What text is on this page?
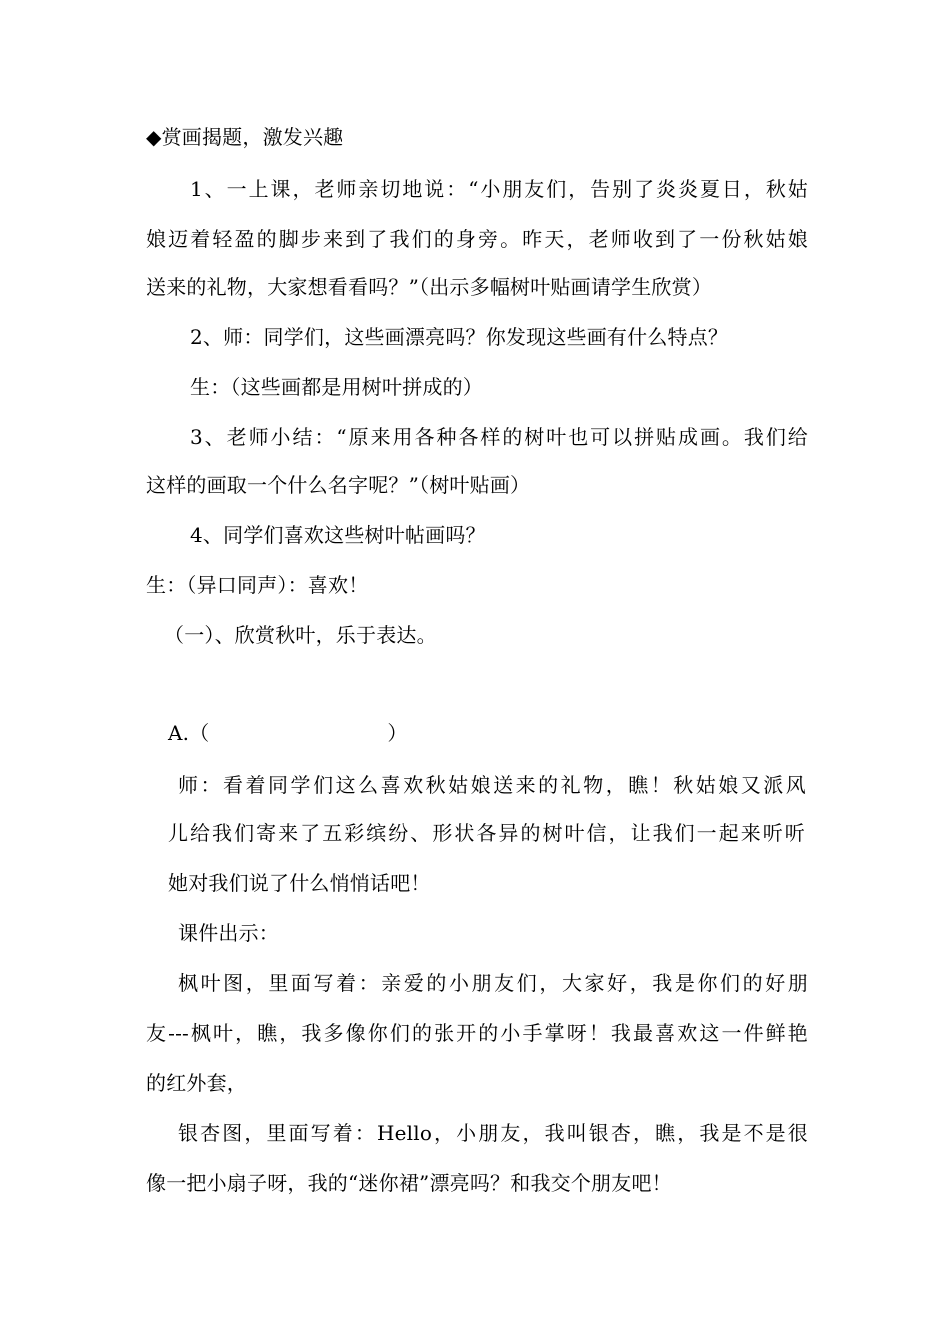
◆赏画揭题，激发兴趣
1、一上课，老师亲切地说：“小朋友们，告别了炎炎夏日，秋姑
娘迈着轻盈的脚步来到了我们的身旁。昨天，老师收到了一份秋姑娘
送来的礼物，大家想看看吗？”（出示多幅树叶贴画请学生欣赏）
2、师：同学们，这些画漂亮吗？你发现这些画有什么特点？
生：（这些画都是用树叶拼成的）
3、老师小结：“原来用各种各样的树叶也可以拼贴成画。我们给
这样的画取一个什么名字呢？”（树叶贴画）
4、同学们喜欢这些树叶帖画吗？
生：（异口同声）：喜欢！
（一）、欣赏秋叶，乐于表达。
A.（	）
师：看着同学们这么喜欢秋姑娘送来的礼物，瞧！秋姑娘又派风
儿给我们寄来了五彩缤纷、形状各异的树叶信，让我们一起来听听
她对我们说了什么悄悄话吧！
课件出示：
枫叶图，里面写着：亲爱的小朋友们，大家好，我是你们的好朋
友---枫叶，瞧，我多像你们的张开的小手掌呀！我最喜欢这一件鲜艳
的红外套，
银杏图，里面写着：Hello，小朋友，我叫银杏，瞧，我是不是很
像一把小扇子呀，我的“迷你裙”漂亮吗？和我交个朋友吧！
